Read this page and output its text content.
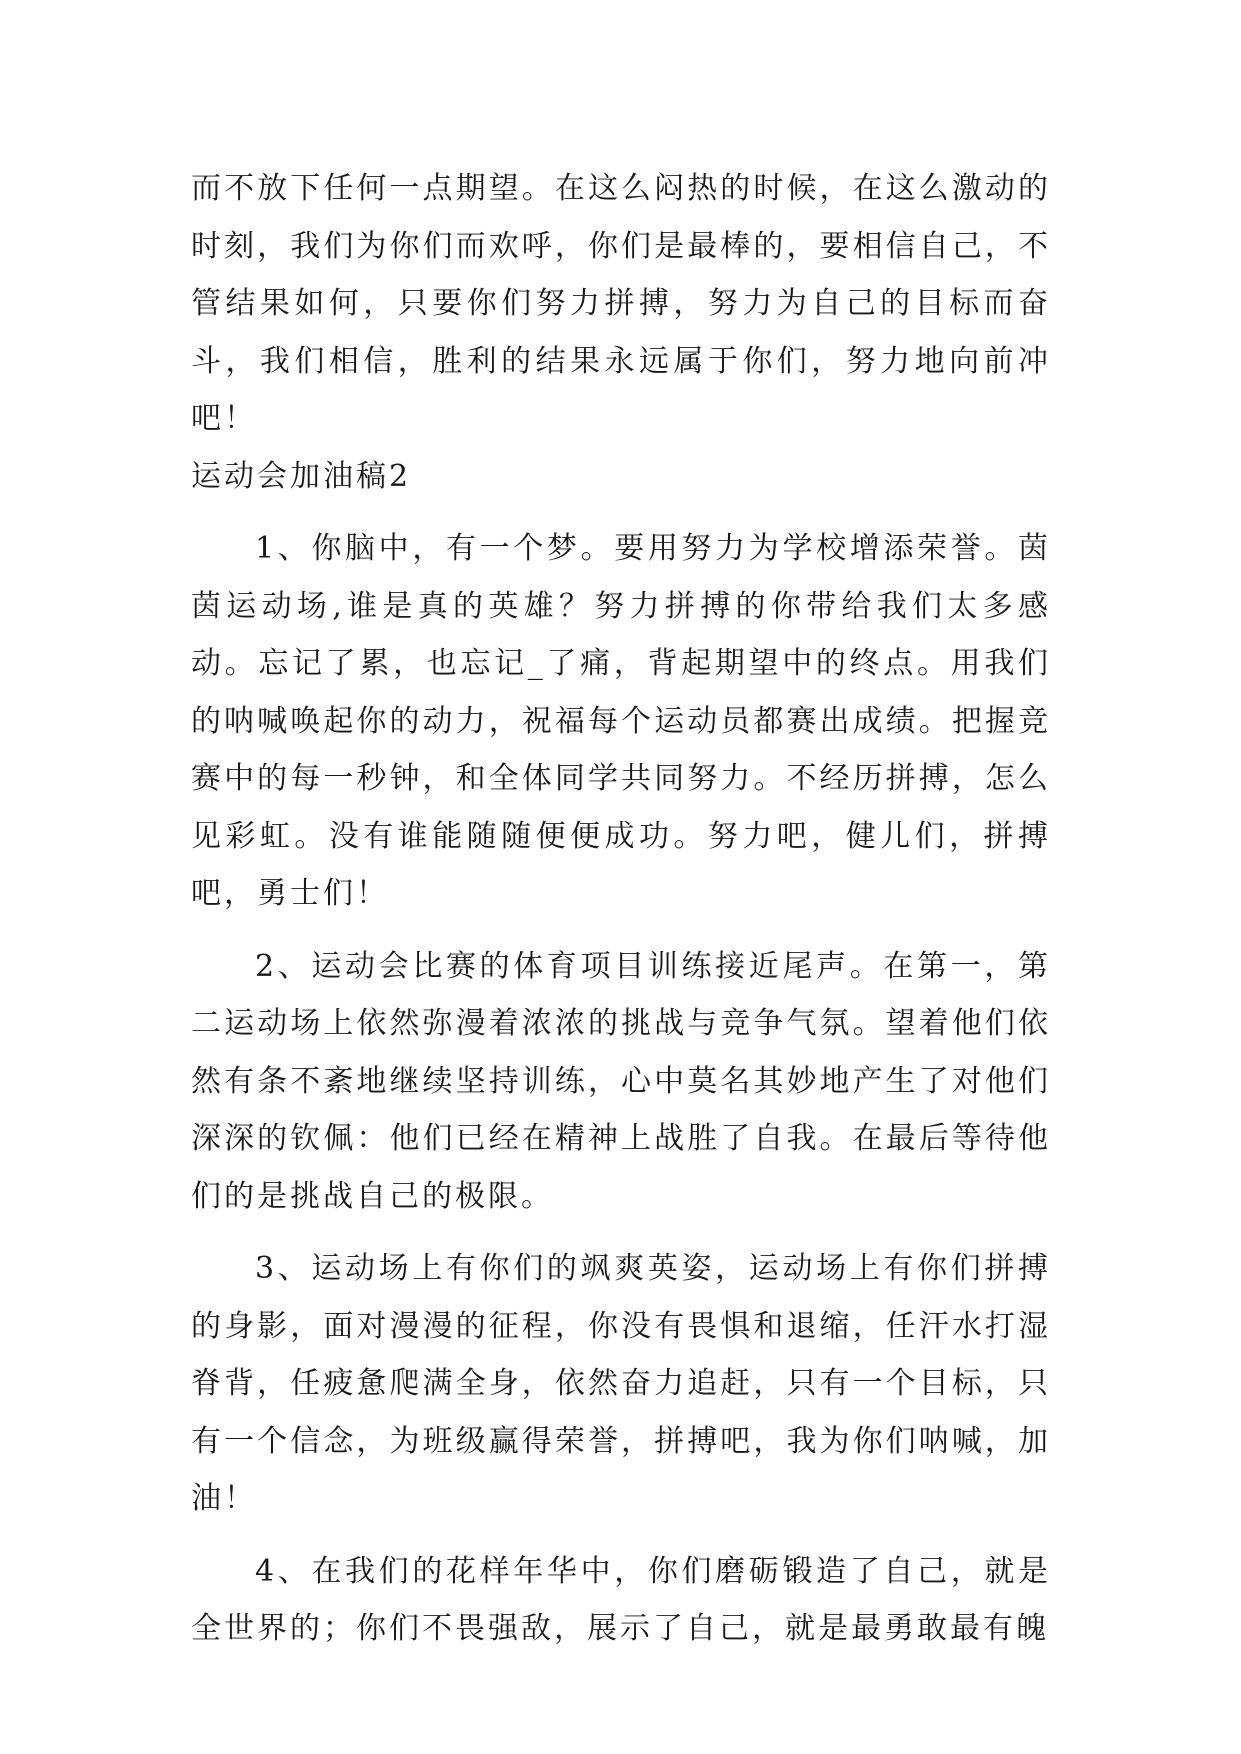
而不放下任何一点期望。在这么闷热的时候，在这么激动的时刻，我们为你们而欢呼，你们是最棒的，要相信自己，不管结果如何，只要你们努力拼搏，努力为自己的目标而奋斗，我们相信，胜利的结果永远属于你们，努力地向前冲吧！

运动会加油稿2

1、你脑中，有一个梦。要用努力为学校增添荣誉。茵茵运动场,谁是真的英雄？努力拼搏的你带给我们太多感动。忘记了累，也忘记_了痛，背起期望中的终点。用我们的呐喊唤起你的动力，祝福每个运动员都赛出成绩。把握竞赛中的每一秒钟，和全体同学共同努力。不经历拼搏，怎么见彩虹。没有谁能随随便便成功。努力吧，健儿们，拼搏吧，勇士们！

2、运动会比赛的体育项目训练接近尾声。在第一，第二运动场上依然弥漫着浓浓的挑战与竞争气氛。望着他们依然有条不紊地继续坚持训练，心中莫名其妙地产生了对他们深深的钦佩：他们已经在精神上战胜了自我。在最后等待他们的是挑战自己的极限。

3、运动场上有你们的飒爽英姿，运动场上有你们拼搏的身影，面对漫漫的征程，你没有畏惧和退缩，任汗水打湿脊背，任疲惫爬满全身，依然奋力追赶，只有一个目标，只有一个信念，为班级赢得荣誉，拼搏吧，我为你们呐喊，加油！

4、在我们的花样年华中，你们磨砺锻造了自己，就是全世界的；你们不畏强敌，展示了自己，就是最勇敢最有魄
